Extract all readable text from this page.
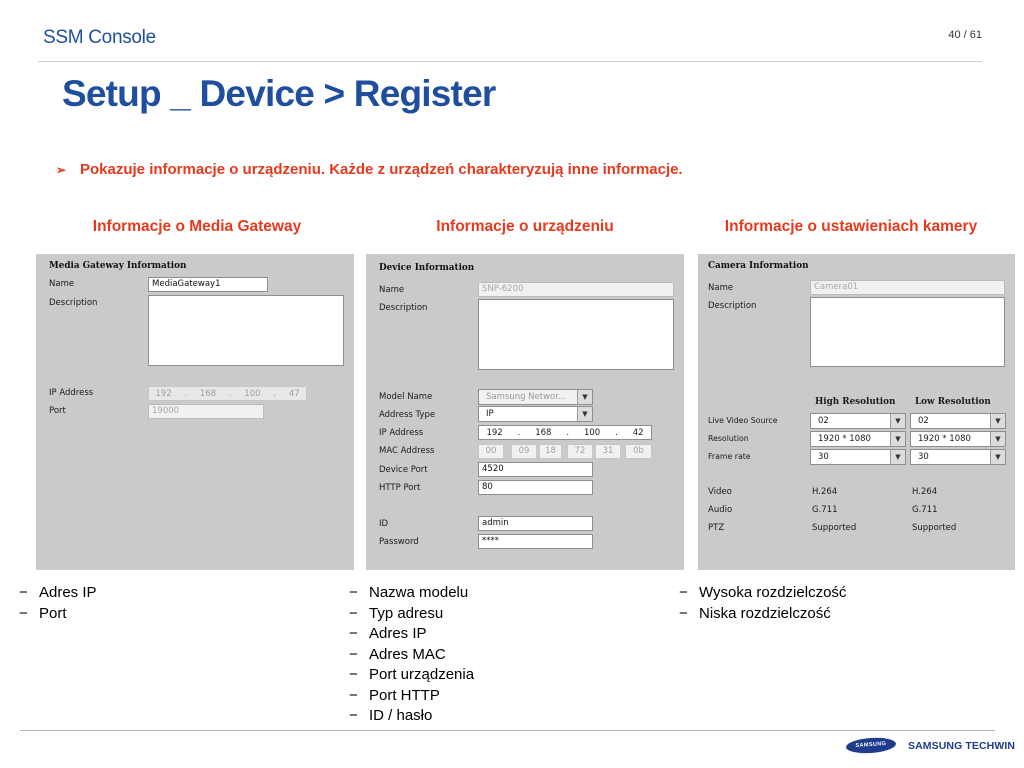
SSM Console	40 / 61
Setup _ Device > Register
➢ Pokazuje informacje o urządzeniu. Każde z urządzeń charakteryzują inne informacje.
Informacje o Media Gateway	Informacje o urządzeniu	Informacje o ustawieniach kamery
Media Gateway Information
Name	MediaGateway1
Description
IP Address	192 . 168 . 100 . 47
Port	19000
Device Information
Name	SNP-6200
Description
Model Name	Samsung Networ...	▼
Address Type	IP	▼
IP Address	192 . 168 . 100 . 42
MAC Address	00	09	18	72	31	0b
Device Port	4520
HTTP Port	80
ID	admin
Password	****
Camera Information
Name	Camera01
Description
High Resolution Low Resolution
Live Video Source	02	▼	02	▼
Resolution	1920 * 1080	▼	1920 * 1080	▼
Frame rate	30	▼	30	▼
Video	H.264	H.264
Audio	G.711	G.711
PTZ	Supported	Supported
− Adres IP
− Port
− Nazwa modelu
− Typ adresu
− Adres IP
− Adres MAC
− Port urządzenia
− Port HTTP
− ID / hasło
− Wysoka rozdzielczość
− Niska rozdzielczość
SAMSUNG	SAMSUNG TECHWIN
